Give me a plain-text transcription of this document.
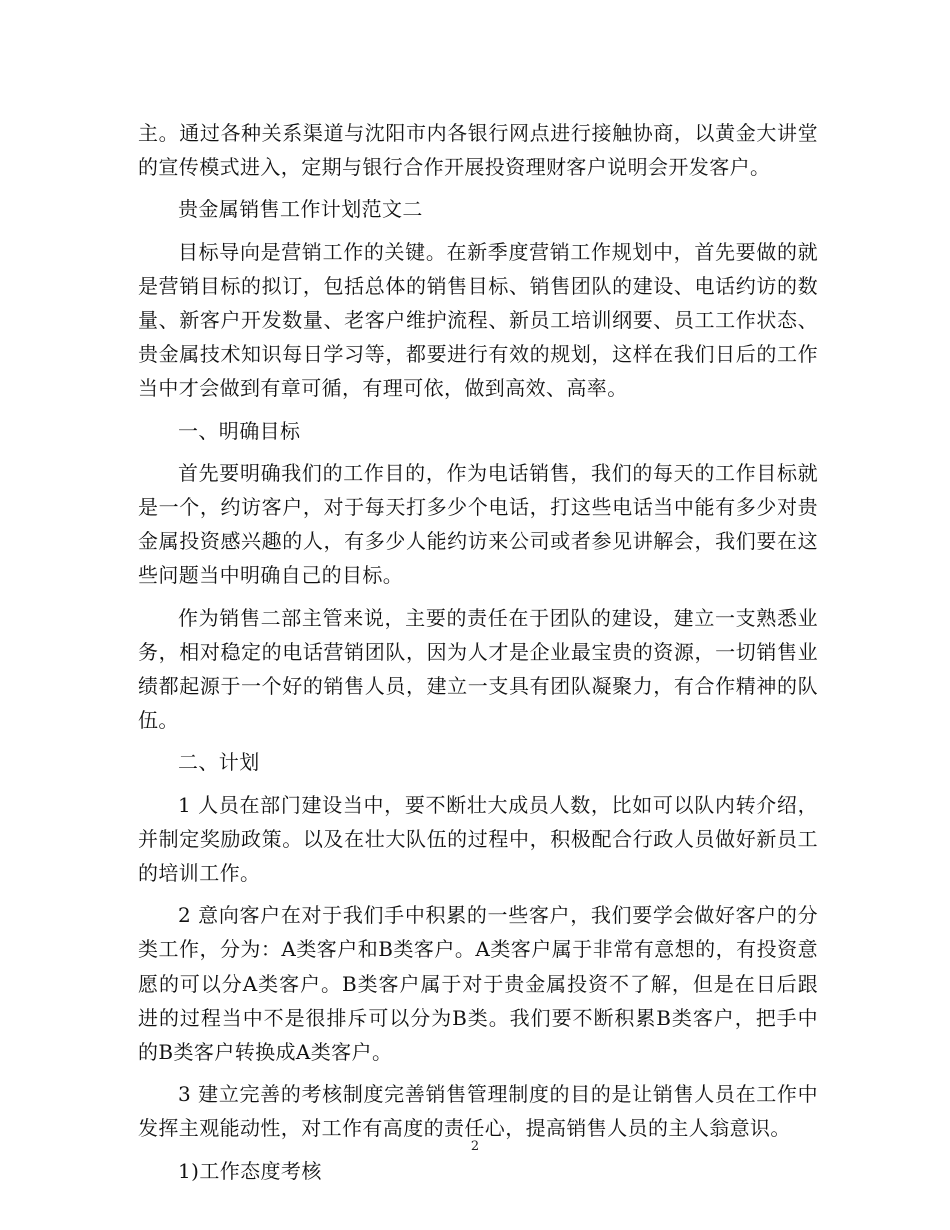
主。通过各种关系渠道与沈阳市内各银行网点进行接触协商，以黄金大讲堂的宣传模式进入，定期与银行合作开展投资理财客户说明会开发客户。

贵金属销售工作计划范文二

目标导向是营销工作的关键。在新季度营销工作规划中，首先要做的就是营销目标的拟订，包括总体的销售目标、销售团队的建设、电话约访的数量、新客户开发数量、老客户维护流程、新员工培训纲要、员工工作状态、贵金属技术知识每日学习等，都要进行有效的规划，这样在我们日后的工作当中才会做到有章可循，有理可依，做到高效、高率。

一、明确目标

首先要明确我们的工作目的，作为电话销售，我们的每天的工作目标就是一个，约访客户，对于每天打多少个电话，打这些电话当中能有多少对贵金属投资感兴趣的人，有多少人能约访来公司或者参见讲解会，我们要在这些问题当中明确自己的目标。

作为销售二部主管来说，主要的责任在于团队的建设，建立一支熟悉业务，相对稳定的电话营销团队，因为人才是企业最宝贵的资源，一切销售业绩都起源于一个好的销售人员，建立一支具有团队凝聚力，有合作精神的队伍。

二、计划

1 人员在部门建设当中，要不断壮大成员人数，比如可以队内转介绍，并制定奖励政策。以及在壮大队伍的过程中，积极配合行政人员做好新员工的培训工作。

2 意向客户在对于我们手中积累的一些客户，我们要学会做好客户的分类工作，分为：A类客户和B类客户。A类客户属于非常有意想的，有投资意愿的可以分A类客户。B类客户属于对于贵金属投资不了解，但是在日后跟进的过程当中不是很排斥可以分为B类。我们要不断积累B类客户，把手中的B类客户转换成A类客户。

3 建立完善的考核制度完善销售管理制度的目的是让销售人员在工作中发挥主观能动性，对工作有高度的责任心，提高销售人员的主人翁意识。

1)工作态度考核

2
